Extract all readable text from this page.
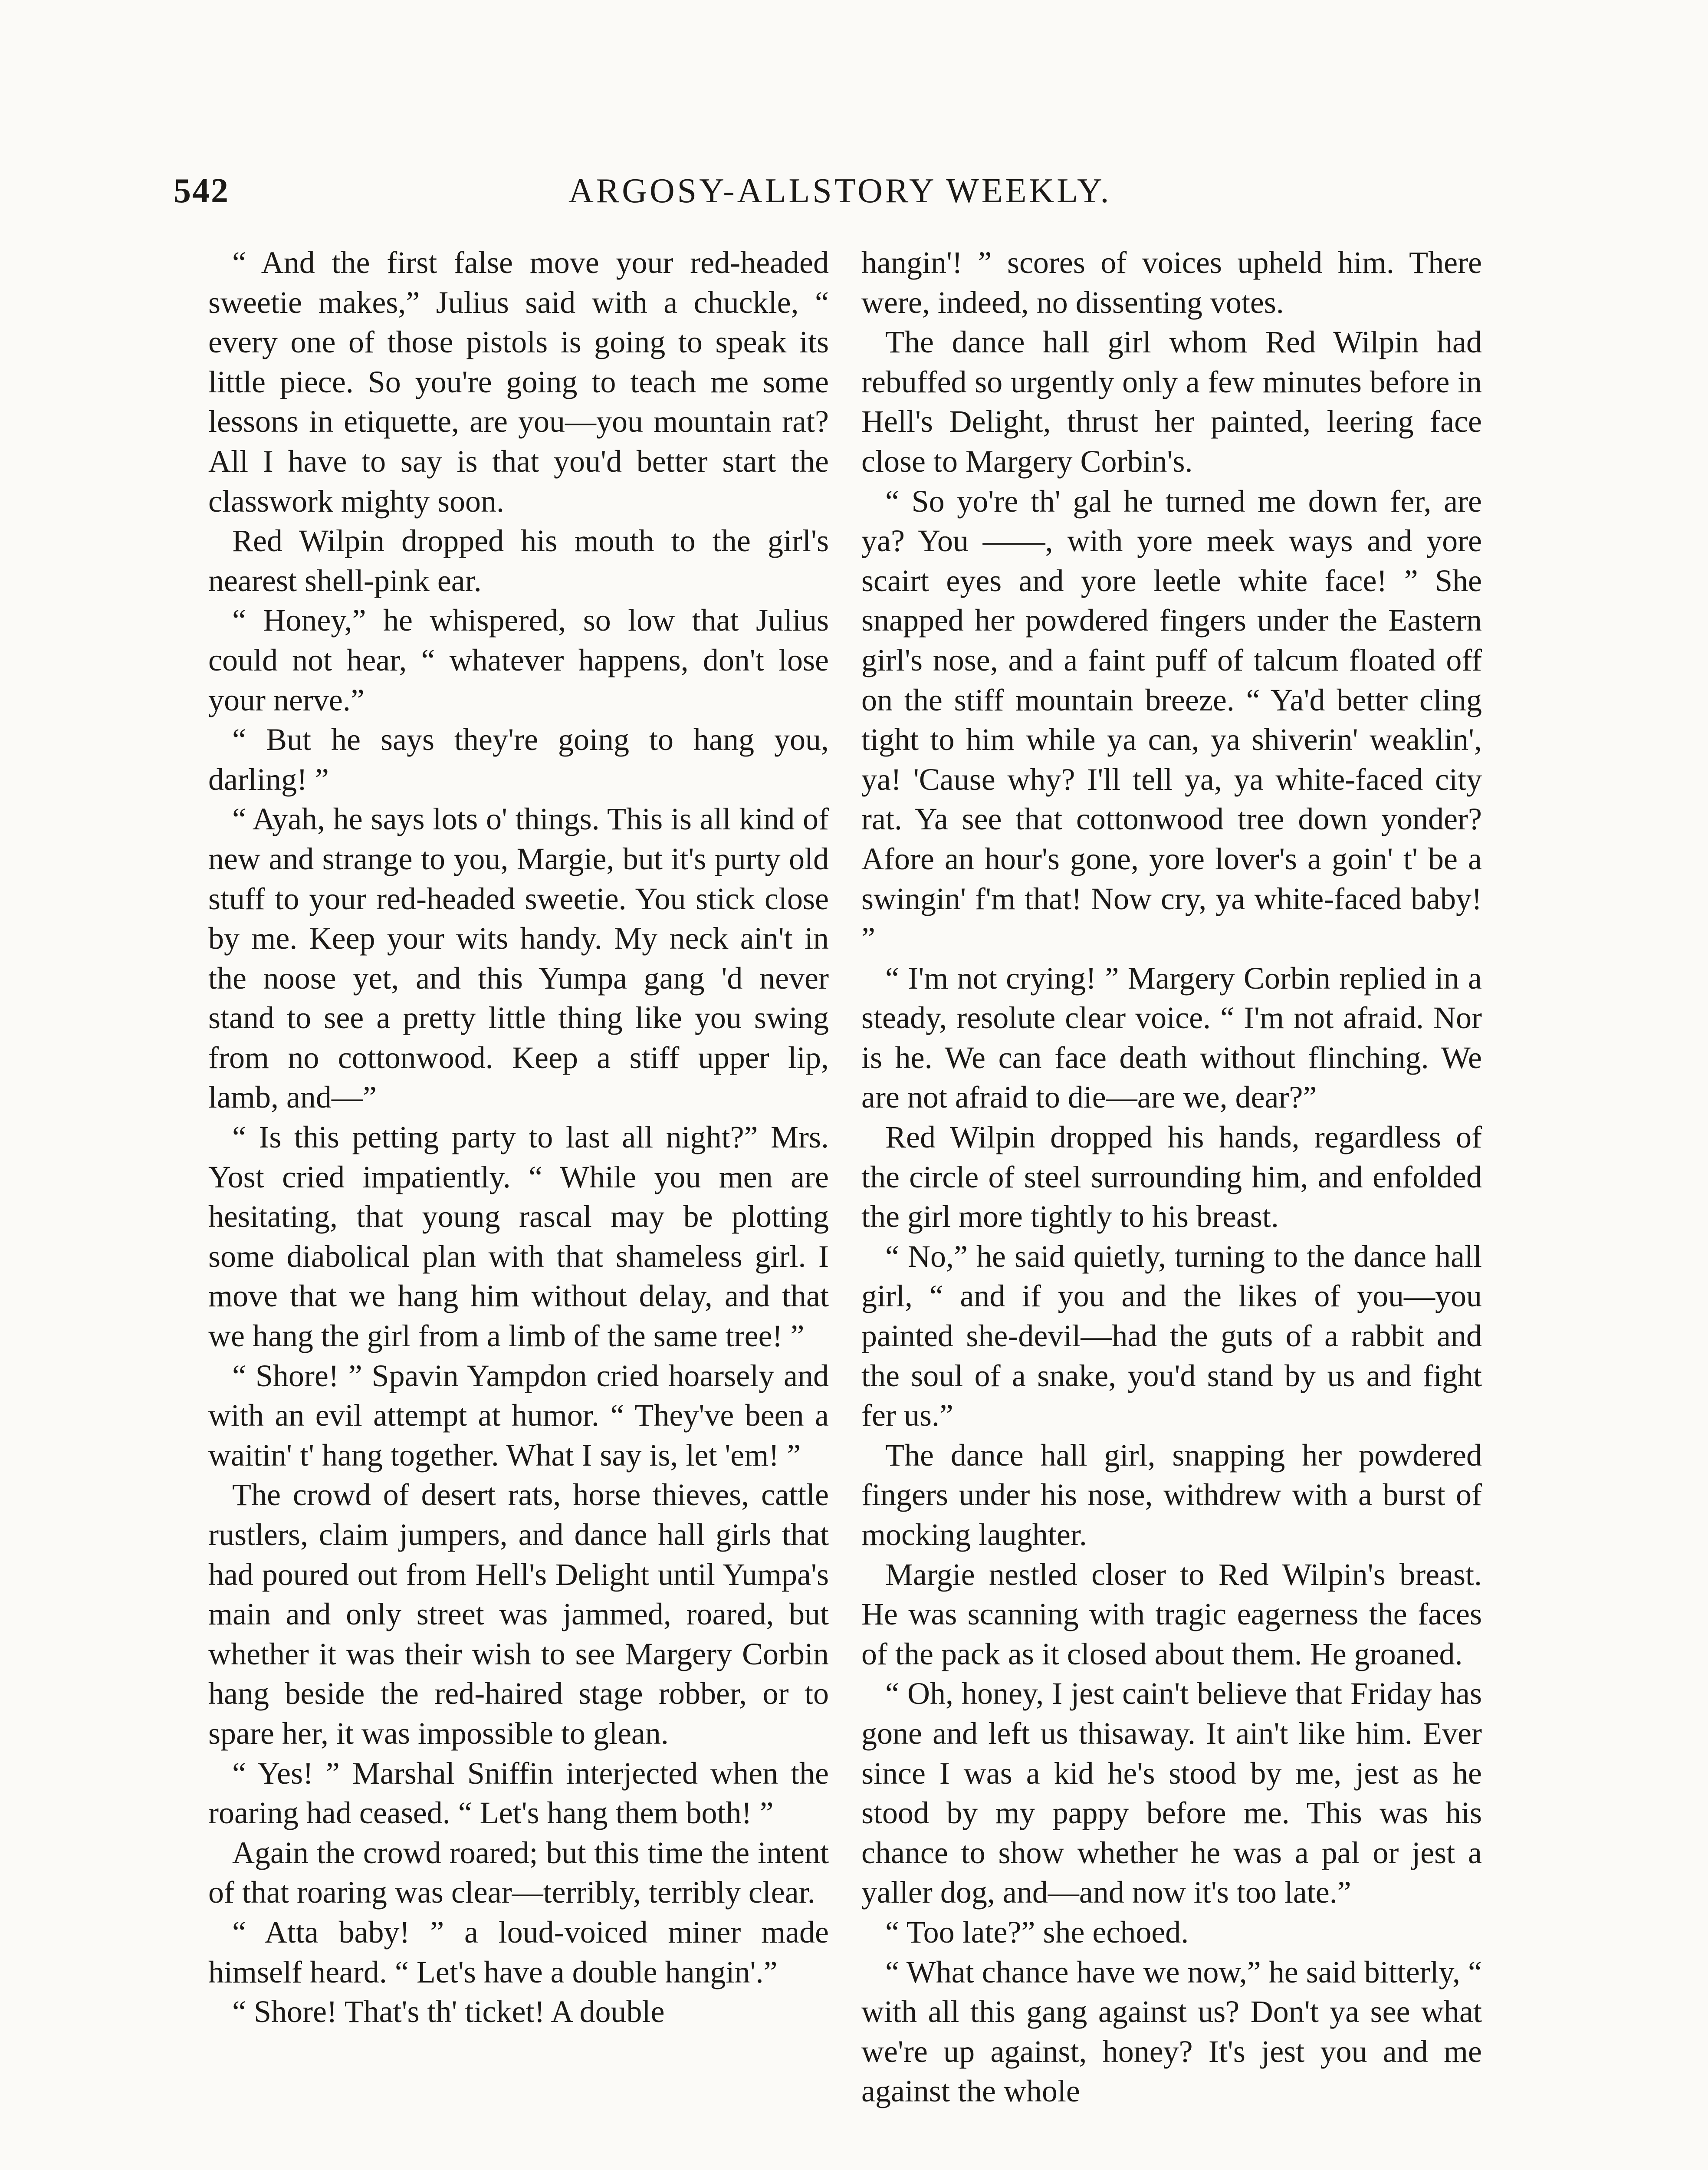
542	ARGOSY-ALLSTORY WEEKLY.

“ And the first false move your red-headed sweetie makes,” Julius said with a chuckle, “ every one of those pistols is going to speak its little piece. So you're going to teach me some lessons in etiquette, are you—you mountain rat? All I have to say is that you'd better start the classwork mighty soon.

Red Wilpin dropped his mouth to the girl's nearest shell-pink ear.

“ Honey,” he whispered, so low that Julius could not hear, “ whatever happens, don't lose your nerve.”

“ But he says they're going to hang you, darling! ”

“ Ayah, he says lots o' things. This is all kind of new and strange to you, Margie, but it's purty old stuff to your red-headed sweetie. You stick close by me. Keep your wits handy. My neck ain't in the noose yet, and this Yumpa gang 'd never stand to see a pretty little thing like you swing from no cottonwood. Keep a stiff upper lip, lamb, and—”

“ Is this petting party to last all night?” Mrs. Yost cried impatiently. “ While you men are hesitating, that young rascal may be plotting some diabolical plan with that shameless girl. I move that we hang him without delay, and that we hang the girl from a limb of the same tree! ”

“ Shore! ” Spavin Yampdon cried hoarsely and with an evil attempt at humor. “ They've been a waitin' t' hang together. What I say is, let 'em! ”

The crowd of desert rats, horse thieves, cattle rustlers, claim jumpers, and dance hall girls that had poured out from Hell's Delight until Yumpa's main and only street was jammed, roared, but whether it was their wish to see Margery Corbin hang beside the red-haired stage robber, or to spare her, it was impossible to glean.

“ Yes! ” Marshal Sniffin interjected when the roaring had ceased. “ Let's hang them both! ”

Again the crowd roared; but this time the intent of that roaring was clear—terribly, terribly clear.

“ Atta baby! ” a loud-voiced miner made himself heard. “ Let's have a double hangin'.”

“ Shore! That's th' ticket! A double

hangin'! ” scores of voices upheld him. There were, indeed, no dissenting votes.

The dance hall girl whom Red Wilpin had rebuffed so urgently only a few minutes before in Hell's Delight, thrust her painted, leering face close to Margery Corbin's.

“ So yo're th' gal he turned me down fer, are ya? You ——, with yore meek ways and yore scairt eyes and yore leetle white face! ” She snapped her powdered fingers under the Eastern girl's nose, and a faint puff of talcum floated off on the stiff mountain breeze. “ Ya'd better cling tight to him while ya can, ya shiverin' weaklin', ya! 'Cause why? I'll tell ya, ya white-faced city rat. Ya see that cottonwood tree down yonder? Afore an hour's gone, yore lover's a goin' t' be a swingin' f'm that! Now cry, ya white-faced baby! ”

“ I'm not crying! ” Margery Corbin replied in a steady, resolute clear voice. “ I'm not afraid. Nor is he. We can face death without flinching. We are not afraid to die—are we, dear?”

Red Wilpin dropped his hands, regardless of the circle of steel surrounding him, and enfolded the girl more tightly to his breast.

“ No,” he said quietly, turning to the dance hall girl, “ and if you and the likes of you—you painted she-devil—had the guts of a rabbit and the soul of a snake, you'd stand by us and fight fer us.”

The dance hall girl, snapping her powdered fingers under his nose, withdrew with a burst of mocking laughter.

Margie nestled closer to Red Wilpin's breast. He was scanning with tragic eagerness the faces of the pack as it closed about them. He groaned.

“ Oh, honey, I jest cain't believe that Friday has gone and left us thisaway. It ain't like him. Ever since I was a kid he's stood by me, jest as he stood by my pappy before me. This was his chance to show whether he was a pal or jest a yaller dog, and—and now it's too late.”

“ Too late?” she echoed.

“ What chance have we now,” he said bitterly, “ with all this gang against us? Don't ya see what we're up against, honey? It's jest you and me against the whole
